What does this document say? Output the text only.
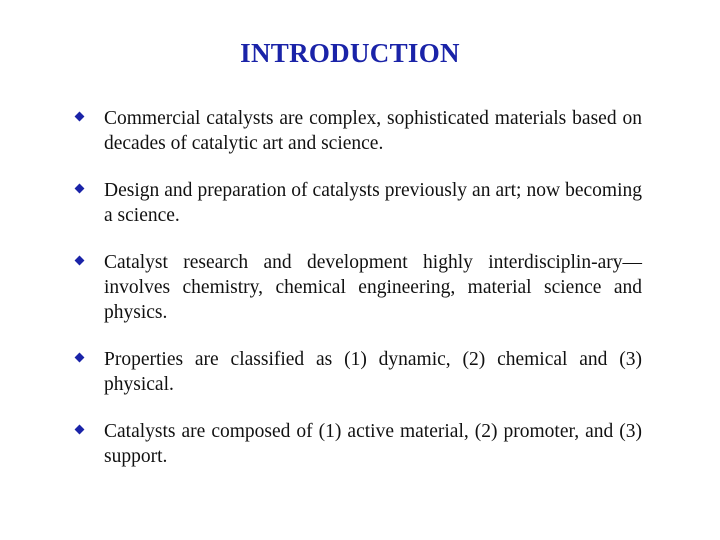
INTRODUCTION
Commercial catalysts are complex, sophisticated materials based on decades of catalytic art and science.
Design and preparation of catalysts previously an art; now becoming a science.
Catalyst research and development highly interdisciplin-ary—involves chemistry, chemical engineering, material science and physics.
Properties are classified as (1) dynamic, (2) chemical and (3) physical.
Catalysts are composed of (1) active material, (2) promoter, and (3) support.
